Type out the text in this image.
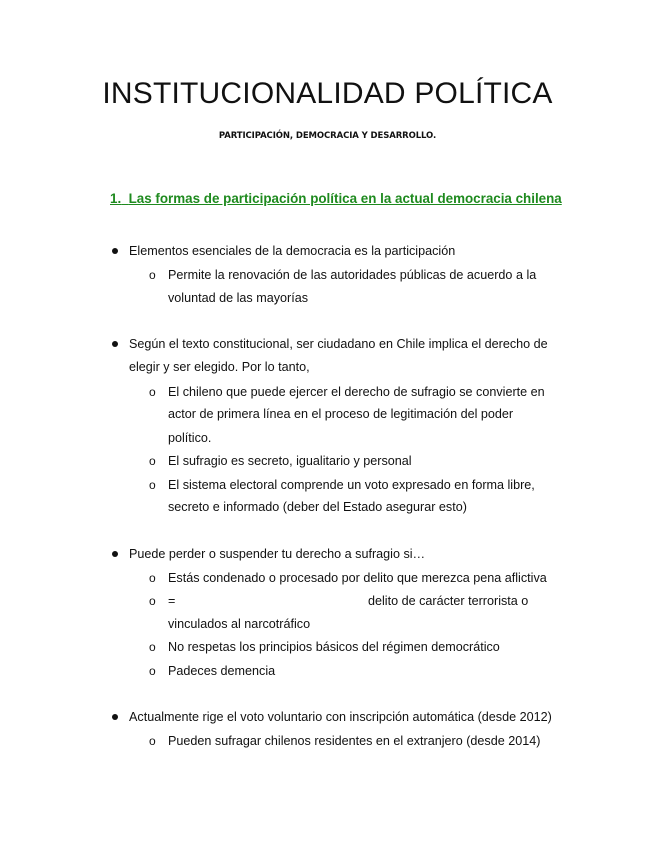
INSTITUCIONALIDAD POLÍTICA

PARTICIPACIÓN, DEMOCRACIA Y DESARROLLO.

1. Las formas de participación política en la actual democracia chilena

Elementos esenciales de la democracia es la participación
o Permite la renovación de las autoridades públicas de acuerdo a la
voluntad de las mayorías
Según el texto constitucional, ser ciudadano en Chile implica el derecho de
elegir y ser elegido. Por lo tanto,
o El chileno que puede ejercer el derecho de sufragio se convierte en
actor de primera línea en el proceso de legitimación del poder
político.
o El sufragio es secreto, igualitario y personal
o El sistema electoral comprende un voto expresado en forma libre,
secreto e informado (deber del Estado asegurar esto)
Puede perder o suspender tu derecho a sufragio si…
o Estás condenado o procesado por delito que merezca pena aflictiva
o =	delito de carácter terrorista o
vinculados al narcotráfico
o No respetas los principios básicos del régimen democrático
o Padeces demencia
Actualmente rige el voto voluntario con inscripción automática (desde 2012)
o Pueden sufragar chilenos residentes en el extranjero (desde 2014)
